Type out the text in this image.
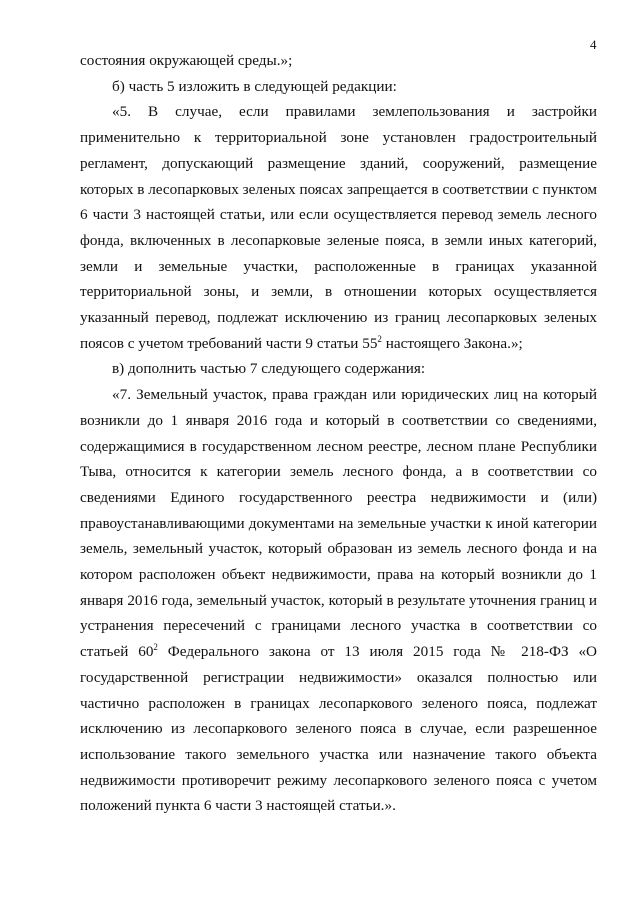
4

состояния окружающей среды.»;

б) часть 5 изложить в следующей редакции:

«5. В случае, если правилами землепользования и застройки применительно к территориальной зоне установлен градостроительный регламент, допускающий размещение зданий, сооружений, размещение которых в лесопарковых зеленых поясах запрещается в соответствии с пунктом 6 части 3 настоящей статьи, или если осуществляется перевод земель лесного фонда, включенных в лесопарковые зеленые пояса, в земли иных категорий, земли и земельные участки, расположенные в границах указанной территориальной зоны, и земли, в отношении которых осуществляется указанный перевод, подлежат исключению из границ лесопарковых зеленых поясов с учетом требований части 9 статьи $55^2$ настоящего Закона.»;

в) дополнить частью 7 следующего содержания:

«7. Земельный участок, права граждан или юридических лиц на который возникли до 1 января 2016 года и который в соответствии со сведениями, содержащимися в государственном лесном реестре, лесном плане Республики Тыва, относится к категории земель лесного фонда, а в соответствии со сведениями Единого государственного реестра недвижимости и (или) правоустанавливающими документами на земельные участки к иной категории земель, земельный участок, который образован из земель лесного фонда и на котором расположен объект недвижимости, права на который возникли до 1 января 2016 года, земельный участок, который в результате уточнения границ и устранения пересечений с границами лесного участка в соответствии со статьей $60^2$ Федерального закона от 13 июля 2015 года № 218-ФЗ «О государственной регистрации недвижимости» оказался полностью или частично расположен в границах лесопаркового зеленого пояса, подлежат исключению из лесопаркового зеленого пояса в случае, если разрешенное использование такого земельного участка или назначение такого объекта недвижимости противоречит режиму лесопаркового зеленого пояса с учетом положений пункта 6 части 3 настоящей статьи.».
